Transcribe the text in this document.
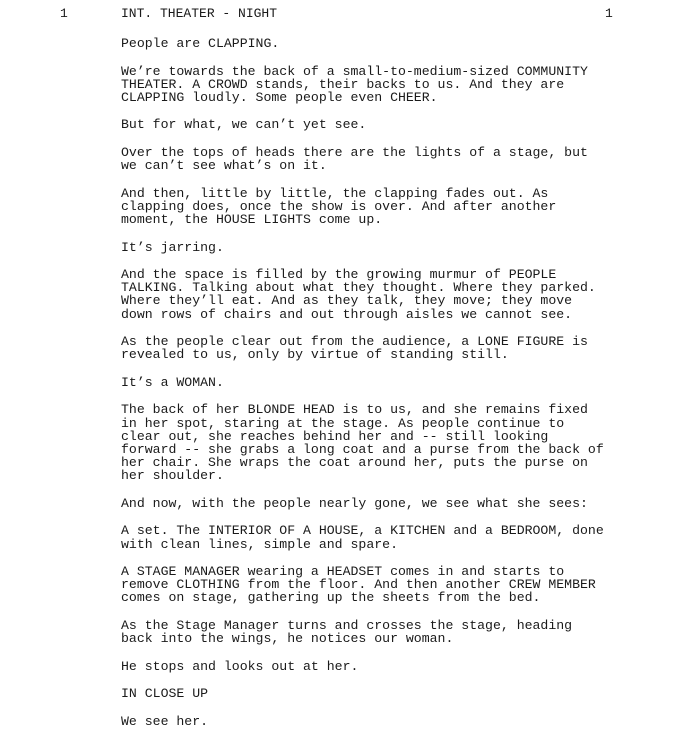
1	INT. THEATER - NIGHT	1

People are CLAPPING.

We’re towards the back of a small-to-medium-sized COMMUNITY
THEATER. A CROWD stands, their backs to us. And they are
CLAPPING loudly. Some people even CHEER.

But for what, we can’t yet see.

Over the tops of heads there are the lights of a stage, but
we can’t see what’s on it.

And then, little by little, the clapping fades out. As
clapping does, once the show is over. And after another
moment, the HOUSE LIGHTS come up.

It’s jarring.

And the space is filled by the growing murmur of PEOPLE
TALKING. Talking about what they thought. Where they parked.
Where they’ll eat. And as they talk, they move; they move
down rows of chairs and out through aisles we cannot see.

As the people clear out from the audience, a LONE FIGURE is
revealed to us, only by virtue of standing still.

It’s a WOMAN.

The back of her BLONDE HEAD is to us, and she remains fixed
in her spot, staring at the stage. As people continue to
clear out, she reaches behind her and -- still looking
forward -- she grabs a long coat and a purse from the back of
her chair. She wraps the coat around her, puts the purse on
her shoulder.

And now, with the people nearly gone, we see what she sees:

A set. The INTERIOR OF A HOUSE, a KITCHEN and a BEDROOM, done
with clean lines, simple and spare.

A STAGE MANAGER wearing a HEADSET comes in and starts to
remove CLOTHING from the floor. And then another CREW MEMBER
comes on stage, gathering up the sheets from the bed.

As the Stage Manager turns and crosses the stage, heading
back into the wings, he notices our woman.

He stops and looks out at her.

IN CLOSE UP

We see her.
